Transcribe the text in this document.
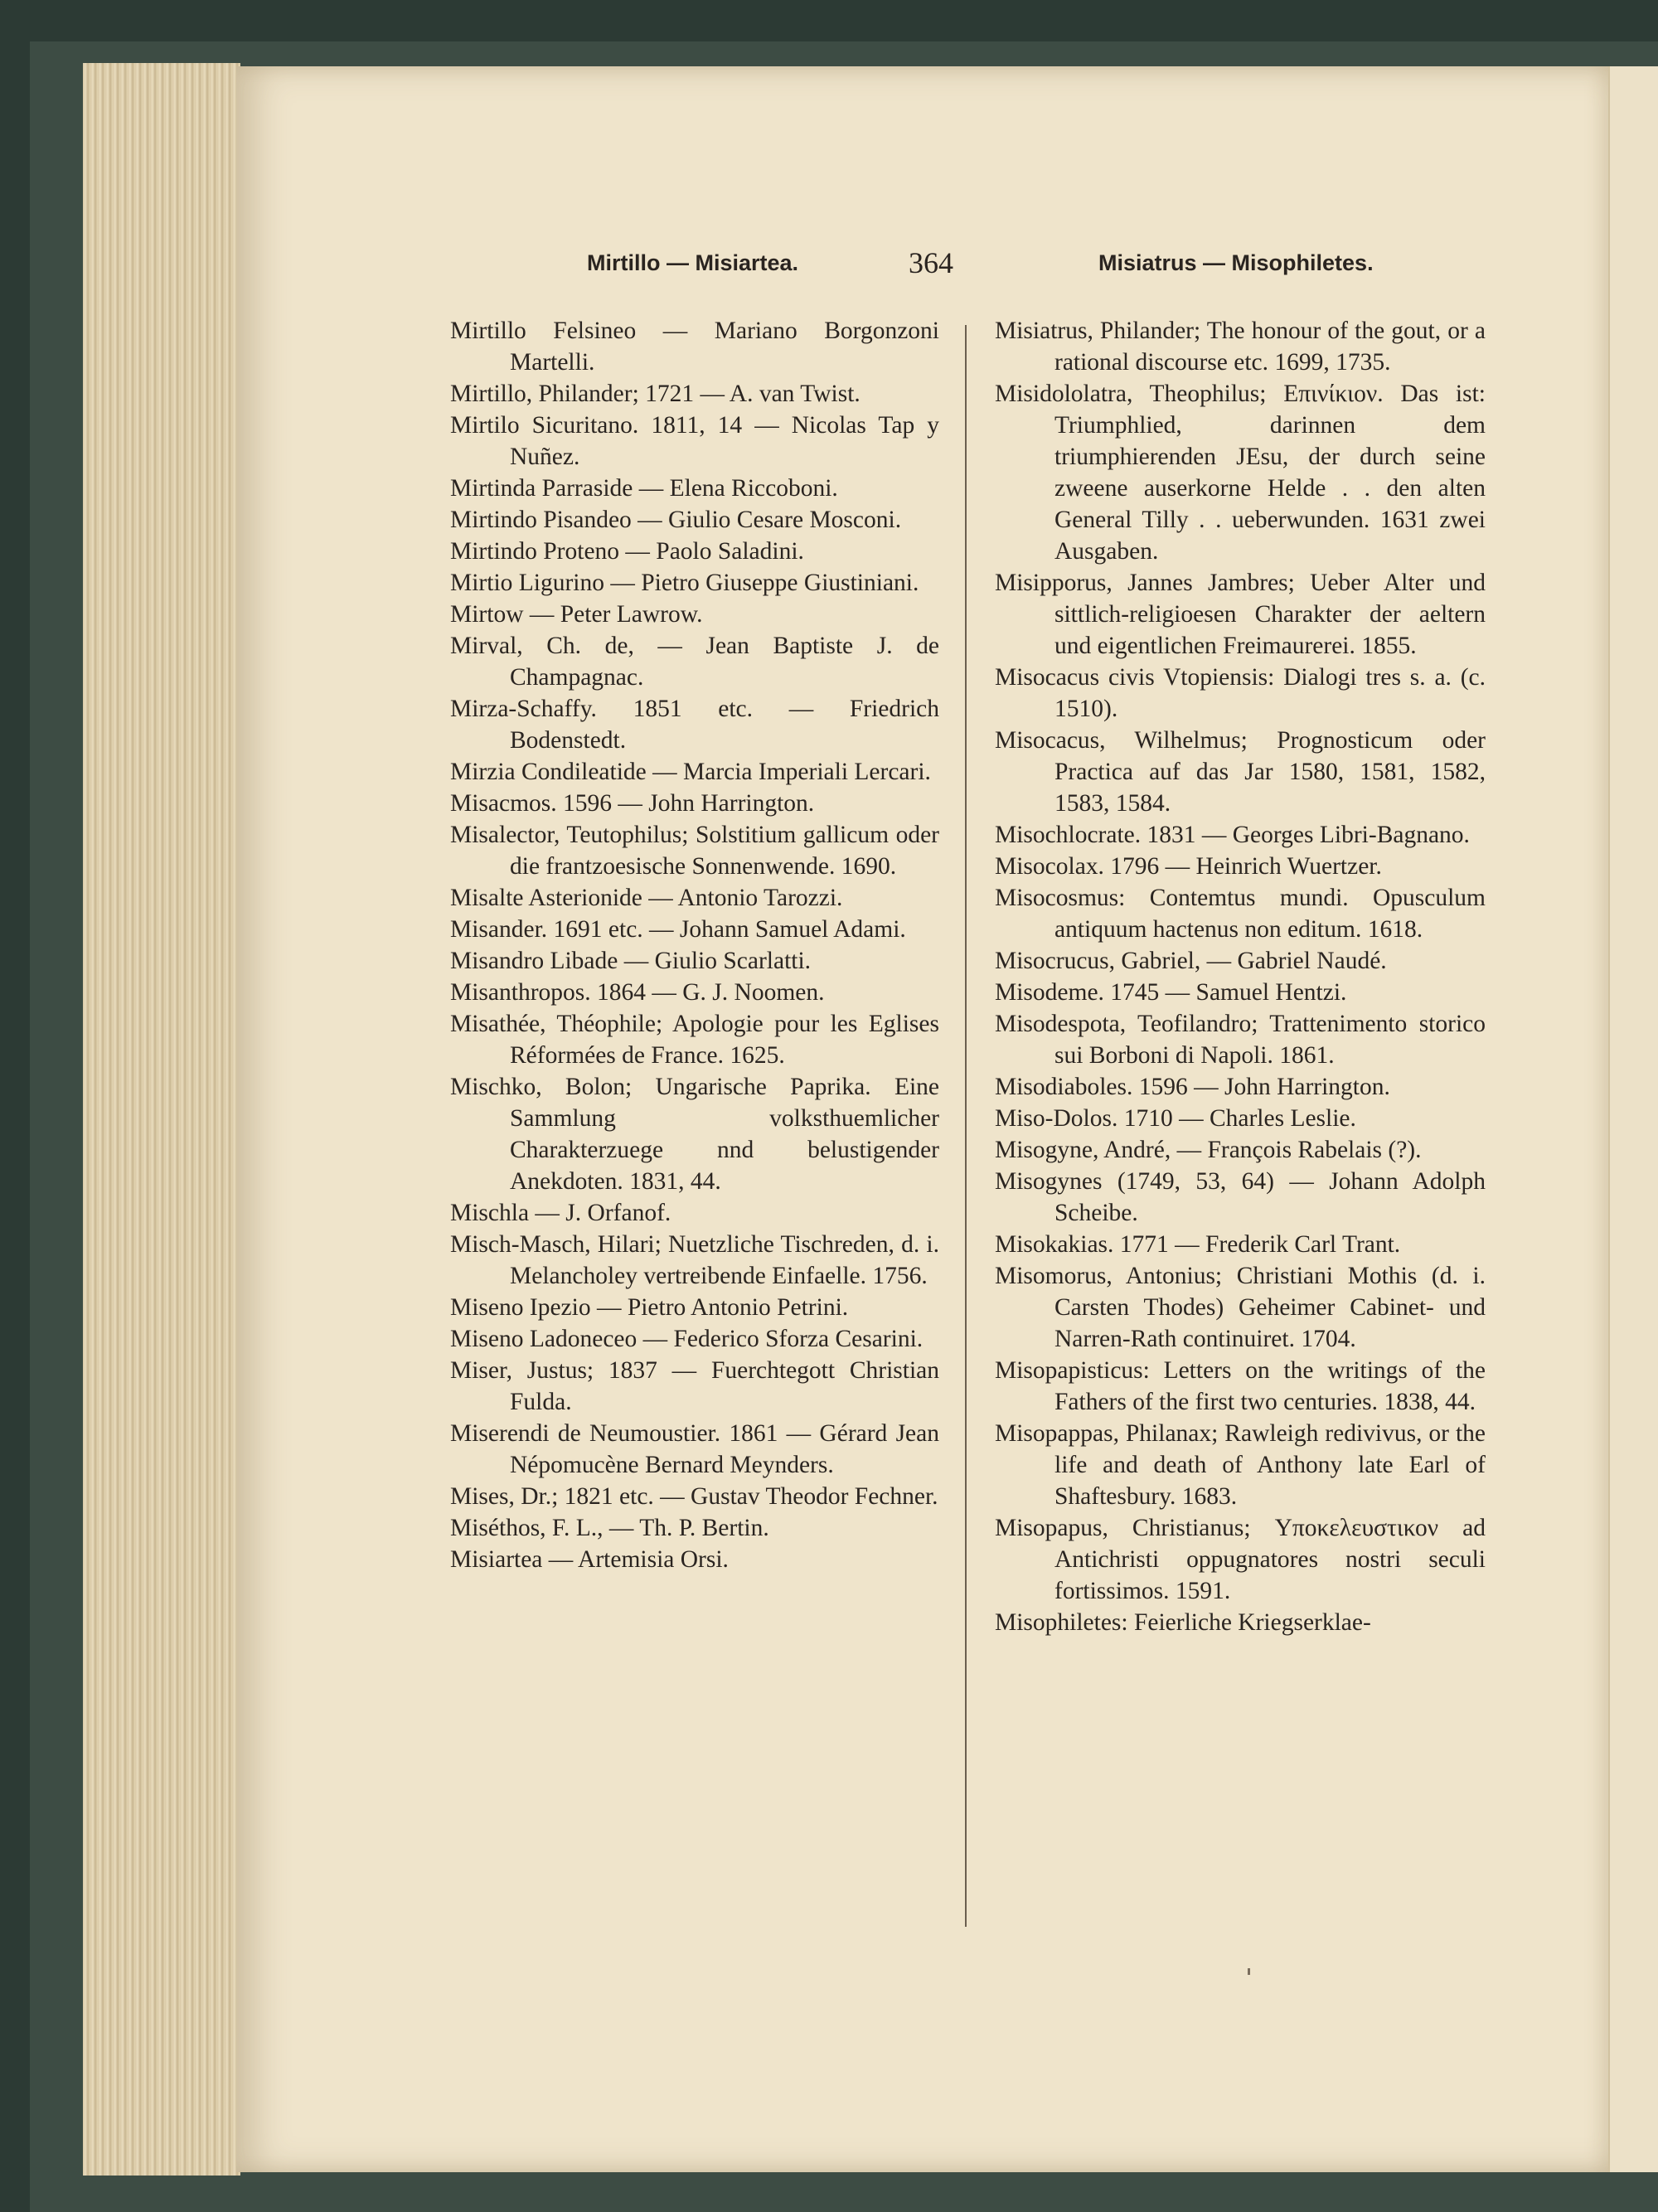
Mirtillo — Misiartea.	364	Misiatrus — Misophiletes.

Mirtillo Felsineo — Mariano Borgonzoni Martelli.

Mirtillo, Philander; 1721 — A. van Twist.

Mirtilo Sicuritano. 1811, 14 — Nicolas Tap y Nuñez.

Mirtinda Parraside — Elena Riccoboni.

Mirtindo Pisandeo — Giulio Cesare Mosconi.

Mirtindo Proteno — Paolo Saladini.

Mirtio Ligurino — Pietro Giuseppe Giustiniani.

Mirtow — Peter Lawrow.

Mirval, Ch. de, — Jean Baptiste J. de Champagnac.

Mirza-Schaffy. 1851 etc. — Friedrich Bodenstedt.

Mirzia Condileatide — Marcia Imperiali Lercari.

Misacmos. 1596 — John Harrington.

Misalector, Teutophilus; Solstitium gallicum oder die frantzoesische Sonnenwende. 1690.

Misalte Asterionide — Antonio Tarozzi.

Misander. 1691 etc. — Johann Samuel Adami.

Misandro Libade — Giulio Scarlatti.

Misanthropos. 1864 — G. J. Noomen.

Misathée, Théophile; Apologie pour les Eglises Réformées de France. 1625.

Mischko, Bolon; Ungarische Paprika. Eine Sammlung volksthuemlicher Charakterzuege nnd belustigender Anekdoten. 1831, 44.

Mischla — J. Orfanof.

Misch-Masch, Hilari; Nuetzliche Tischreden, d. i. Melancholey vertreibende Einfaelle. 1756.

Miseno Ipezio — Pietro Antonio Petrini.

Miseno Ladoneceo — Federico Sforza Cesarini.

Miser, Justus; 1837 — Fuerchtegott Christian Fulda.

Miserendi de Neumoustier. 1861 — Gérard Jean Népomucène Bernard Meynders.

Mises, Dr.; 1821 etc. — Gustav Theodor Fechner.

Miséthos, F. L., — Th. P. Bertin.

Misiartea — Artemisia Orsi.

Misiatrus, Philander; The honour of the gout, or a rational discourse etc. 1699, 1735.

Misidololatra, Theophilus; Επινίκιον. Das ist: Triumphlied, darinnen dem triumphierenden JEsu, der durch seine zweene auserkorne Helde . . den alten General Tilly . . ueberwunden. 1631 zwei Ausgaben.

Misipporus, Jannes Jambres; Ueber Alter und sittlich-religioesen Charakter der aeltern und eigentlichen Freimaurerei. 1855.

Misocacus civis Vtopiensis: Dialogi tres s. a. (c. 1510).

Misocacus, Wilhelmus; Prognosticum oder Practica auf das Jar 1580, 1581, 1582, 1583, 1584.

Misochlocrate. 1831 — Georges Libri-Bagnano.

Misocolax. 1796 — Heinrich Wuertzer.

Misocosmus: Contemtus mundi. Opusculum antiquum hactenus non editum. 1618.

Misocrucus, Gabriel, — Gabriel Naudé.

Misodeme. 1745 — Samuel Hentzi.

Misodespota, Teofilandro; Trattenimento storico sui Borboni di Napoli. 1861.

Misodiaboles. 1596 — John Harrington.

Miso-Dolos. 1710 — Charles Leslie.

Misogyne, André, — François Rabelais (?).

Misogynes (1749, 53, 64) — Johann Adolph Scheibe.

Misokakias. 1771 — Frederik Carl Trant.

Misomorus, Antonius; Christiani Mothis (d. i. Carsten Thodes) Geheimer Cabinet- und Narren-Rath continuiret. 1704.

Misopapisticus: Letters on the writings of the Fathers of the first two centuries. 1838, 44.

Misopappas, Philanax; Rawleigh redivivus, or the life and death of Anthony late Earl of Shaftesbury. 1683.

Misopapus, Christianus; Υποκελευστικον ad Antichristi oppugnatores nostri seculi fortissimos. 1591.

Misophiletes: Feierliche Kriegserklae-
